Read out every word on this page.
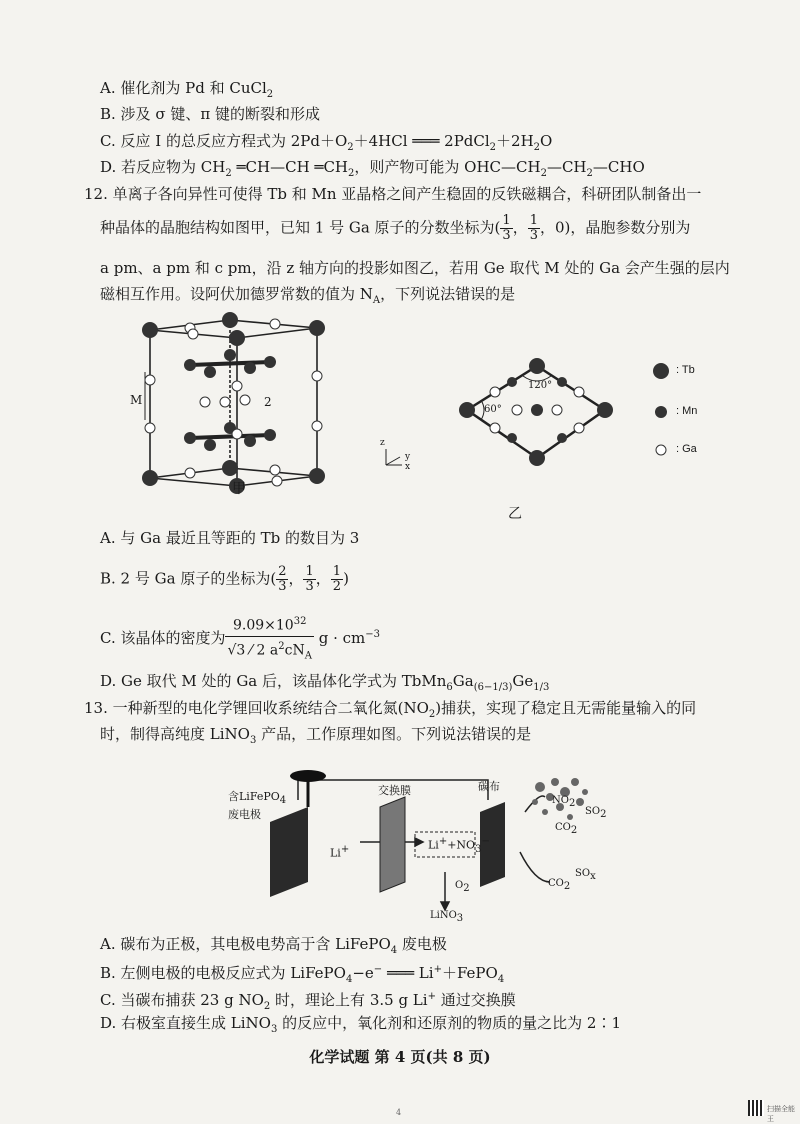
A. 催化剂为 Pd 和 CuCl$_2$
B. 涉及 σ 键、π 键的断裂和形成
C. 反应 Ⅰ 的总反应方程式为 $2Pd+O_2+4HCl$ ═══ $2PdCl_2+2H_2O$
D. 若反应物为 $CH_2$ ═CH—CH $═CH_2$，则产物可能为 $OHC—CH_2—CH_2—CHO$
12. 单离子各向异性可使得 Tb 和 Mn 亚晶格之间产生稳固的反铁磁耦合，科研团队制备出一
种晶体的晶胞结构如图甲，已知 1 号 Ga 原子的分数坐标为( $\frac{1}{3}$ ， $\frac{1}{3}$ ，0)，晶胞参数分别为
a pm、a pm 和 c pm，沿 z 轴方向的投影如图乙，若用 Ge 取代 M 处的 Ga 会产生强的层内
磁相互作用。设阿伏加德罗常数的值为 $N_A$，下列说法错误的是
M	2
z
y
x
甲
120°
60°
乙
: Tb
: Mn
: Ga
A. 与 Ga 最近且等距的 Tb 的数目为 3
B. 2 号 Ga 原子的坐标为( $\frac{2}{3}$ ， $\frac{1}{3}$ ， $\frac{1}{2}$ )
C. 该晶体的密度为 $\frac{9.09\times 10^{32}}{√3 ⁄ 2 a^2cN_A}$ $g \cdot cm^{-3}$
D. Ge 取代 M 处的 Ga 后，该晶体化学式为 $TbMn_6Ga_{(6-1/3)}Ge_{1/3}$
13. 一种新型的电化学锂回收系统结合二氧化氮$(NO_2)$捕获，实现了稳定且无需能量输入的同
时，制得高纯度 LiNO$_3$ 产品，工作原理如图。下列说法错误的是
含LiFePO$_4$
废电极
交换膜	碳布
Li+	$Li^++NO_3^-$
$O_2$
LiNO$_3$
$NO_2$
$SO_2$
$CO_2$
$CO_2$
$SO_x$
A. 碳布为正极，其电极电势高于含 LiFePO$_4$ 废电极
B. 左侧电极的电极反应式为 LiFePO$_4$−e− ═══ Li+＋FePO$_4$
C. 当碳布捕获 23 g $NO_2$ 时，理论上有 3.5 g Li+ 通过交换膜
D. 右极室直接生成 LiNO$_3$ 的反应中，氧化剂和还原剂的物质的量之比为 2∶1
化学试题 第 4 页(共 8 页)
4	扫描全能王
